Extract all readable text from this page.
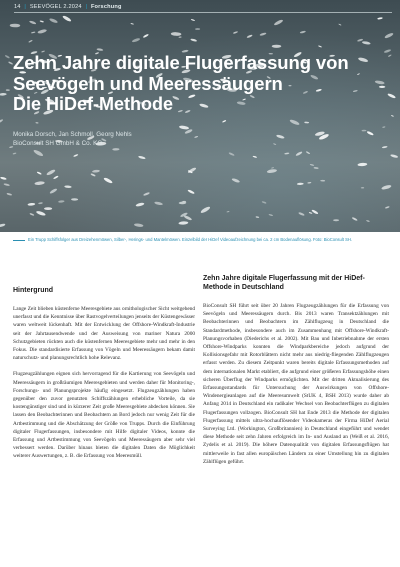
14 | SEEVÖGEL 2.2024 | Forschung
Zehn Jahre digitale Flugerfassung von Seevögeln und Meeressäugern
Die HiDef-Methode
Monika Dorsch, Jan Schmoll, Georg Nehls
BioConsult SH GmbH & Co. KG
Ein Trupp Schiffsfolger aus Dreizehenmöwen, Silber-, Herings- und Mantelmöwen. Einzelbild der HiDef Videoaufzeichnung bei ca. 2 cm Bodenauflösung. Foto: BioConsult SH.
Hintergrund

Lange Zeit blieben küstenferne Meeresgebiete aus ornithologischer Sicht weitgehend unerfasst und die Kenntnisse über Rastvogelverteilungen jenseits der Küstengewässer waren weltweit lückenhaft. Mit der Entwicklung der Offshore-Windkraft-Industrie seit der Jahrtausendwende und der Ausweisung von mariner Natura 2000 Schutzgebieten rückten auch die küstenfernen Meeresgebiete mehr und mehr in den Fokus. Die standardisierte Erfassung von Vögeln und Meeressäugern bekam damit naturschutz- und planungsrechtlich hohe Relevanz.

Flugzeugzählungen eignen sich hervorragend für die Kartierung von Seevögeln und Meeressäugern in großräumigen Meeresgebieten und werden daher für Monitoring-, Forschungs- und Planungsprojekte häufig eingesetzt. Flugzeugzählungen haben gegenüber den zuvor genutzten Schiffszählungen erhebliche Vorteile, da sie kostengünstiger sind und in kürzerer Zeit große Meeresgebiete abdecken können. Sie lassen den Beobachterinnen und Beobachtern an Bord jedoch nur wenig Zeit für die Artbestimmung und die Abschätzung der Größe von Trupps. Durch die Einführung digitaler Flugerfassungen, insbesondere mit Hilfe digitaler Videos, konnte die Erfassung und Artbestimmung von Seevögeln und Meeressäugern aber sehr viel verbessert werden. Darüber hinaus bieten die digitalen Daten die Möglichkeit weiterer Auswertungen, z. B. die Erfassung von Meeresmüll.

Zehn Jahre digitale Flugerfassung mit der HiDef-Methode in Deutschland

BioConsult SH führt seit über 20 Jahren Flugzeugzählungen für die Erfassung von Seevögeln und Meeressäugern durch. Bis 2013 waren Transektzählungen mit Beobachterinnen und Beobachtern im Zählflugzeug in Deutschland die Standardmethode, insbesondere auch im Zusammenhang mit Offshore-Windkraft-Planungsvorhaben (Diederichs et al. 2002). Mit Bau und Inbetriebnahme der ersten Offshore-Windparks konnten die Windparkbereiche jedoch aufgrund der Kollisionsgefahr mit Rotorblättern nicht mehr aus niedrig-fliegenden Zählflugzeugen erfasst werden. Zu diesem Zeitpunkt waren bereits digitale Erfassungsmethoden auf dem internationalen Markt etabliert, die aufgrund einer größeren Erfassungshöhe einen sicheren Überflug der Windparks ermöglichten. Mit der dritten Aktualisierung des Erfassungsstandards für Untersuchung der Auswirkungen von Offshore-Windenergieanlagen auf die Meeresumwelt (StUK 4, BSH 2013) wurde daher ab Anfang 2014 in Deutschland ein radikaler Wechsel von Beobachterflügen zu digitalen Flugerfassungen vollzogen. BioConsult SH hat Ende 2013 die Methode der digitalen Flugerfassung mittels ultra-hochauflösender Videokameras der Firma HiDef Aerial Surveying Ltd. (Workington, Großbritannien) in Deutschland eingeführt und wendet diese Methode seit zehn Jahren erfolgreich im In- und Ausland an (Weiß et al. 2016, Zydelis et al. 2019). Die höhere Datenqualität von digitalen Erfassungsflügen hat mittlerweile in fast allen europäischen Ländern zu einer Umstellung hin zu digitalen Zählflügen geführt.
